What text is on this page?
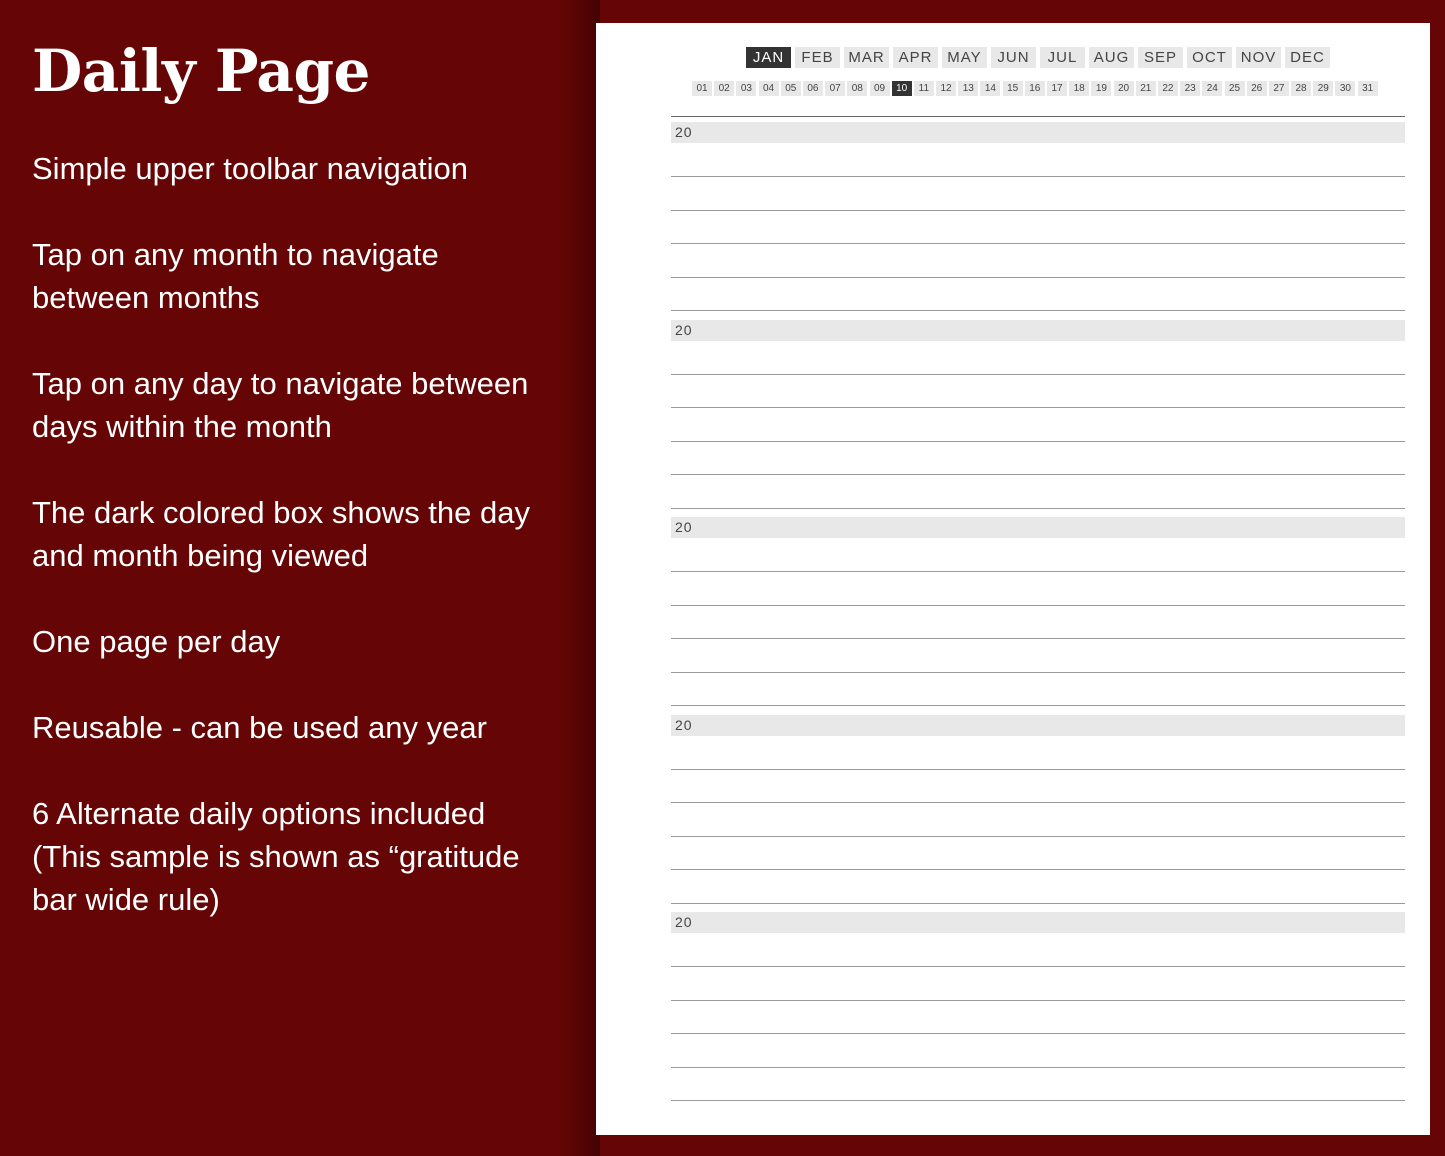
Daily Page

Simple upper toolbar navigation

Tap on any month to navigate between months

Tap on any day to navigate between days within the month

The dark colored box shows the day and month being viewed

One page per day

Reusable - can be used any year

6 Alternate daily options included (This sample is shown as “gratitude bar wide rule)

JAN	FEB MAR APR MAY	JUN	JUL	AUG SEP	OCT NOV DEC
01	02	03	04	05	06	07	08	09	10	11	12	13	14	15	16	17	18	19	20	21	22	23	24	25	26	27	28	29	30	31
20
20
20
20
20
